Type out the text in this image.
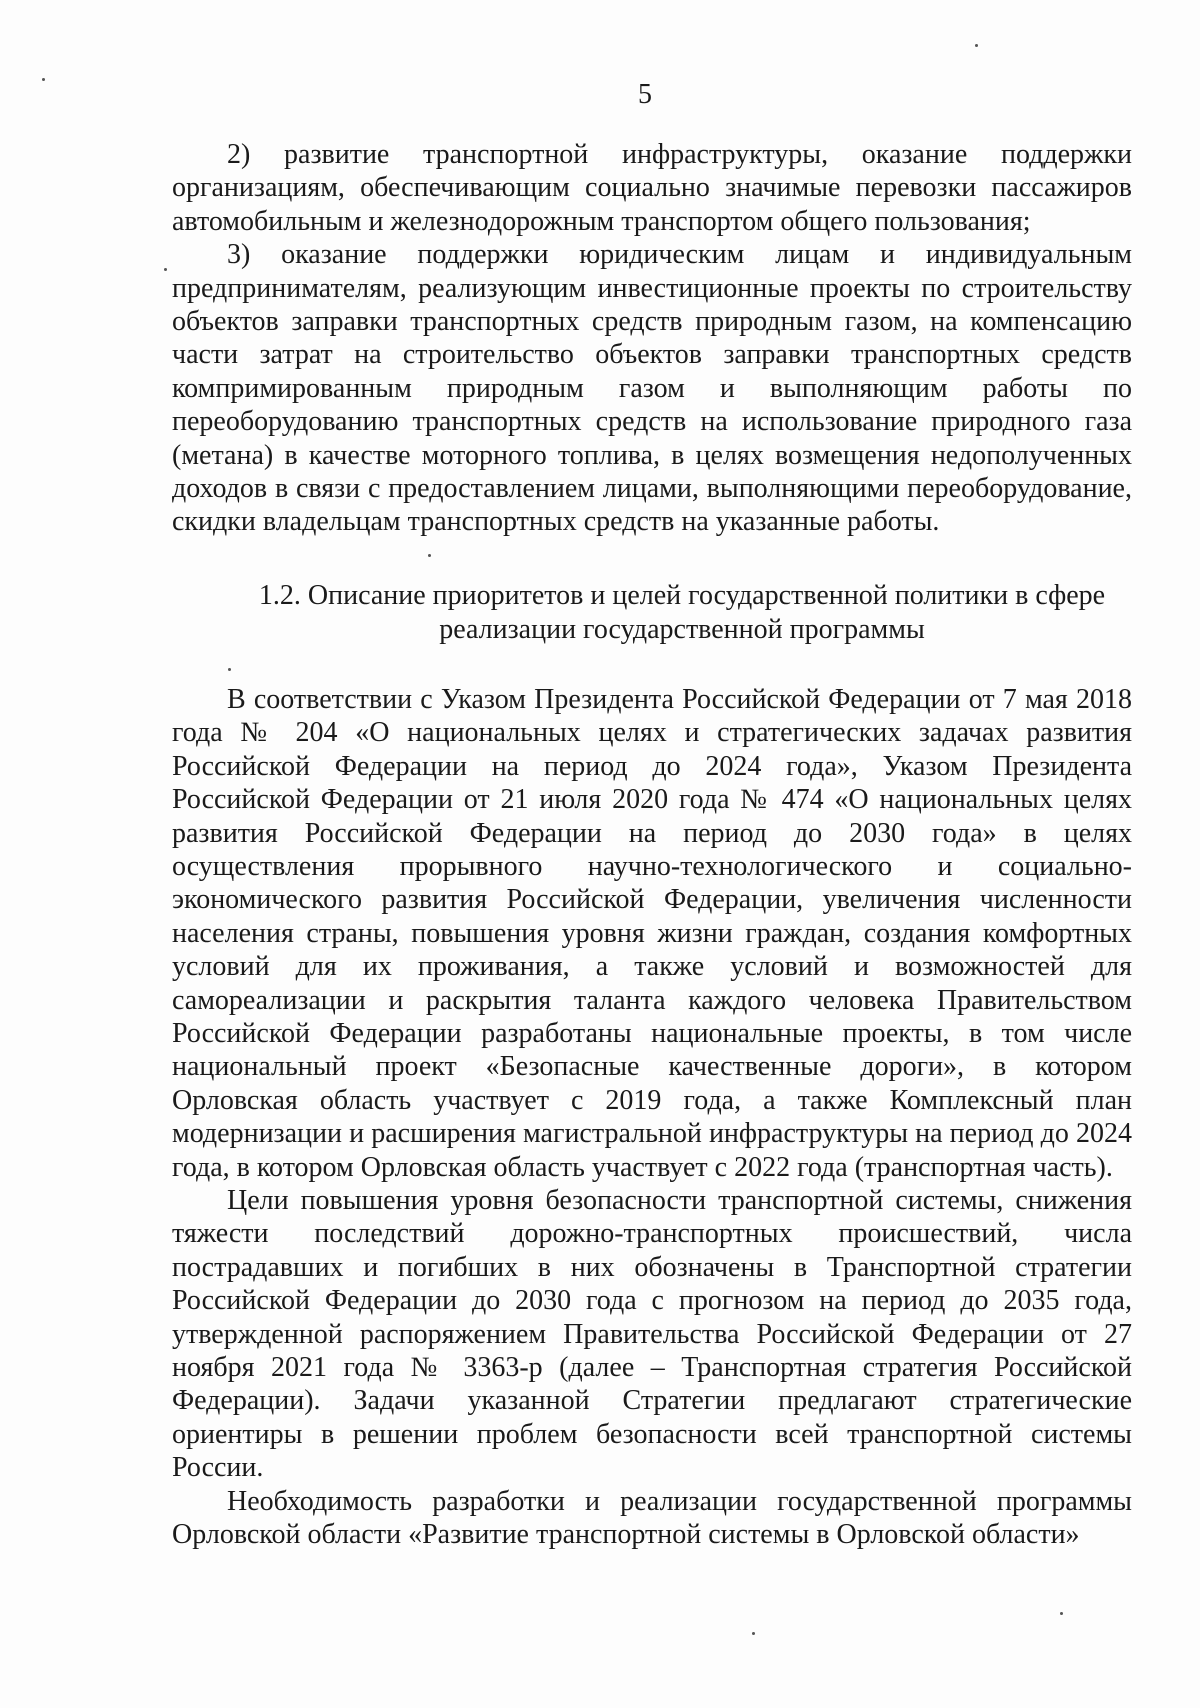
5

2) развитие транспортной инфраструктуры, оказание поддержки организациям, обеспечивающим социально значимые перевозки пассажиров автомобильным и железнодорожным транспортом общего пользования;

3) оказание поддержки юридическим лицам и индивидуальным предпринимателям, реализующим инвестиционные проекты по строительству объектов заправки транспортных средств природным газом, на компенсацию части затрат на строительство объектов заправки транспортных средств компримированным природным газом и выполняющим работы по переоборудованию транспортных средств на использование природного газа (метана) в качестве моторного топлива, в целях возмещения недополученных доходов в связи с предоставлением лицами, выполняющими переоборудование, скидки владельцам транспортных средств на указанные работы.

1.2. Описание приоритетов и целей государственной политики в сфере реализации государственной программы

В соответствии с Указом Президента Российской Федерации от 7 мая 2018 года № 204 «О национальных целях и стратегических задачах развития Российской Федерации на период до 2024 года», Указом Президента Российской Федерации от 21 июля 2020 года № 474 «О национальных целях развития Российской Федерации на период до 2030 года» в целях осуществления прорывного научно-технологического и социально-экономического развития Российской Федерации, увеличения численности населения страны, повышения уровня жизни граждан, создания комфортных условий для их проживания, а также условий и возможностей для самореализации и раскрытия таланта каждого человека Правительством Российской Федерации разработаны национальные проекты, в том числе национальный проект «Безопасные качественные дороги», в котором Орловская область участвует с 2019 года, а также Комплексный план модернизации и расширения магистральной инфраструктуры на период до 2024 года, в котором Орловская область участвует с 2022 года (транспортная часть).

Цели повышения уровня безопасности транспортной системы, снижения тяжести последствий дорожно-транспортных происшествий, числа пострадавших и погибших в них обозначены в Транспортной стратегии Российской Федерации до 2030 года с прогнозом на период до 2035 года, утвержденной распоряжением Правительства Российской Федерации от 27 ноября 2021 года № 3363-р (далее – Транспортная стратегия Российской Федерации). Задачи указанной Стратегии предлагают стратегические ориентиры в решении проблем безопасности всей транспортной системы России.

Необходимость разработки и реализации государственной программы Орловской области «Развитие транспортной системы в Орловской области»
